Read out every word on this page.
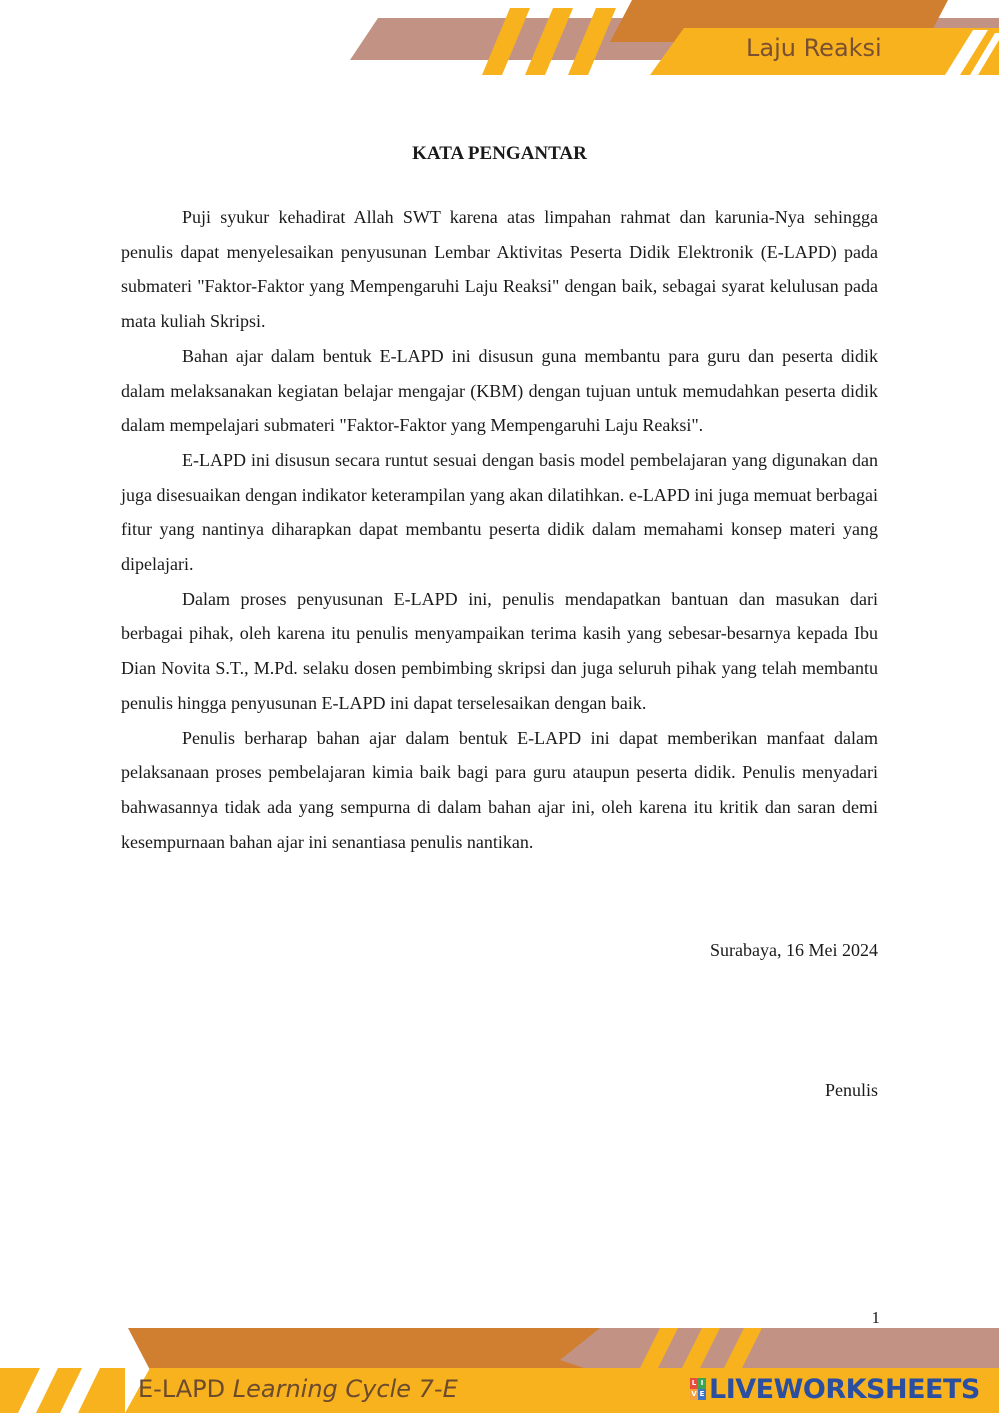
Laju Reaksi
KATA PENGANTAR

Puji syukur kehadirat Allah SWT karena atas limpahan rahmat dan karunia-Nya sehingga penulis dapat menyelesaikan penyusunan Lembar Aktivitas Peserta Didik Elektronik (E-LAPD) pada submateri "Faktor-Faktor yang Mempengaruhi Laju Reaksi" dengan baik, sebagai syarat kelulusan pada mata kuliah Skripsi.

Bahan ajar dalam bentuk E-LAPD ini disusun guna membantu para guru dan peserta didik dalam melaksanakan kegiatan belajar mengajar (KBM) dengan tujuan untuk memudahkan peserta didik dalam mempelajari submateri "Faktor-Faktor yang Mempengaruhi Laju Reaksi".

E-LAPD ini disusun secara runtut sesuai dengan basis model pembelajaran yang digunakan dan juga disesuaikan dengan indikator keterampilan yang akan dilatihkan. e-LAPD ini juga memuat berbagai fitur yang nantinya diharapkan dapat membantu peserta didik dalam memahami konsep materi yang dipelajari.

Dalam proses penyusunan E-LAPD ini, penulis mendapatkan bantuan dan masukan dari berbagai pihak, oleh karena itu penulis menyampaikan terima kasih yang sebesar-besarnya kepada Ibu Dian Novita S.T., M.Pd. selaku dosen pembimbing skripsi dan juga seluruh pihak yang telah membantu penulis hingga penyusunan E-LAPD ini dapat terselesaikan dengan baik.

Penulis berharap bahan ajar dalam bentuk E-LAPD ini dapat memberikan manfaat dalam pelaksanaan proses pembelajaran kimia baik bagi para guru ataupun peserta didik. Penulis menyadari bahwasannya tidak ada yang sempurna di dalam bahan ajar ini, oleh karena itu kritik dan saran demi kesempurnaan bahan ajar ini senantiasa penulis nantikan.

Surabaya, 16 Mei 2024
Penulis
1
E-LAPD Learning Cycle 7-E	L I
V E LIVEWORKSHEETS
